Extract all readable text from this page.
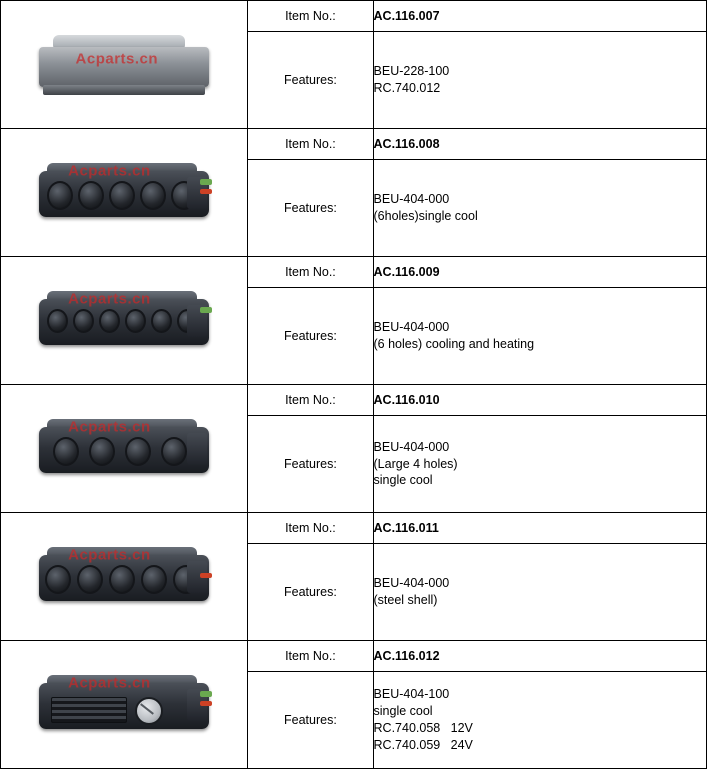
Acparts.cn	Item No.:	AC.116.007
	Features:	BEU-228-100
RC.740.012

Acparts.cn	Item No.:	AC.116.008
	Features:	BEU-404-000
(6holes)single cool

Acparts.cn	Item No.:	AC.116.009
	Features:	BEU-404-000
(6 holes) cooling and heating

Acparts.cn	Item No.:	AC.116.010
	Features:	BEU-404-000
(Large 4 holes)
single cool

Acparts.cn	Item No.:	AC.116.011
	Features:	BEU-404-000
(steel shell)

Acparts.cn	Item No.:	AC.116.012
	Features:	BEU-404-100
single cool
RC.740.058   12V
RC.740.059   24V
